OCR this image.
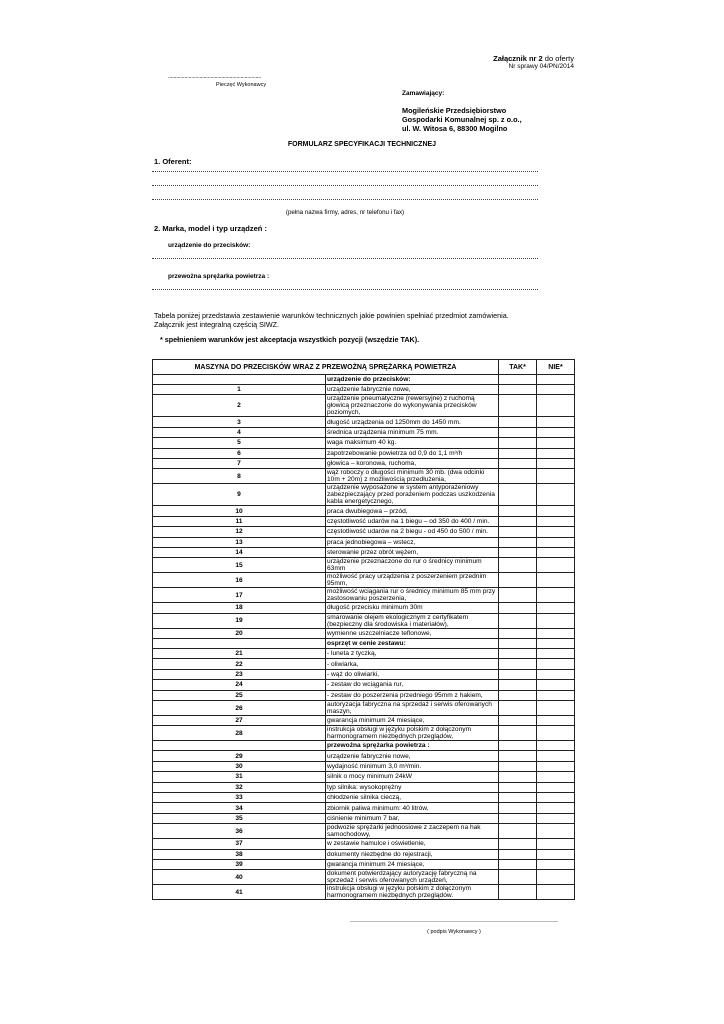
Załącznik nr 2 do oferty
Nr sprawy 04/PN/2014
....................................................................
Pieczęć Wykonawcy
Zamawiający:
Mogileńskie Przedsiębiorstwo
Gospodarki Komunalnej sp. z o.o.,
ul. W. Witosa 6, 88300 Mogilno
FORMULARZ SPECYFIKACJI TECHNICZNEJ
1. Oferent:
(pełna nazwa firmy, adres, nr telefonu i fax)
2. Marka, model i typ urządzeń :
urządzenie do przecisków:
przewożna sprężarka powietrza :
Tabela poniżej przedstawia zestawienie warunków technicznych jakie powinien spełniać przedmiot zamówienia.
Załącznik jest integralną częścią SIWZ.
* spełnieniem warunków jest akceptacja wszystkich pozycji (wszędzie TAK).
MASZYNA DO PRZECISKÓW WRAZ Z PRZEWOŻNĄ SPRĘŻARKĄ POWIETRZA		TAK*	NIE*
	urządzenie do przecisków:		
1	urządzenie fabrycznie nowe,		
2	urządzenie pneumatyczne (rewersyjne) z ruchomą głowicą przeznaczone do wykonywania przecisków poziomych,		
3	długość urządzenia od 1250mm do 1450 mm.		
4	średnica urządzenia minimum 75 mm.		
5	waga maksimum 40 kg.		
6	zapotrzebowanie powietrza od 0,9 do 1,1 m³/h		
7	głowica – koronowa, ruchoma,		
8	wąż roboczy o długości minimum 30 mb. (dwa odcinki 10m + 20m) z możliwością przedłużenia,		
9	urządzenie wyposażone w system antyporażeniowy zabezpieczający przed porażeniem podczas uszkodzenia kabla energetycznego,		
10	praca dwubiegowa – przód,		
11	częstotliwość udarów na 1 biegu – od 350 do 400 / min.		
12	częstotliwość udarów na 2 biegu - od 450 do 500 / min.		
13	praca jednobiegowa – wstecz,		
14	sterowanie przez obrót wężem,		
15	urządzenie przeznaczone do rur o średnicy minimum 63mm		
16	możliwość pracy urządzenia z poszerzeniem przednim 95mm,		
17	możliwość wciągania rur o średnicy minimum 85 mm przy zastosowaniu poszerzenia,		
18	długość przecisku minimum 30m		
19	smarowanie olejem ekologicznym z certyfikatem (bezpieczny dla środowiska i materiałów),		
20	wymienne uszczelniacze teflonowe,		
	osprzęt w cenie zestawu:		
21	- luneta z tyczką,		
22	- oliwiarka,		
23	- wąż do oliwiarki,		
24	- zestaw do wciągania rur,		
25	- zestaw do poszerzenia przedniego 95mm z hakiem,		
26	autoryzacja fabryczna na sprzedaż i serwis oferowanych maszyn,		
27	gwarancja minimum 24 miesiące,		
28	instrukcja obsługi w języku polskim z dołączonym harmonogramem niezbędnych przeglądów,		
	przewożna sprężarka powietrza :		
29	urządzenie fabrycznie nowe,		
30	wydajność minimum 3,0 m³/min.		
31	silnik o mocy minimum 24kW		
32	typ silnika: wysokoprężny		
33	chłodzenie silnika cieczą,		
34	zbiornik paliwa minimum: 40 litrów,		
35	ciśnienie minimum 7 bar,		
36	podwozie sprężarki jednoosiowe z zaczepem na hak samochodowy,		
37	w zestawie hamulce i oświetlenie,		
38	dokumenty niezbędne do rejestracji,		
39	gwarancja minimum 24 miesiące,		
40	dokument potwierdzający autoryzację fabryczną na sprzedaż i serwis oferowanych urządzeń,		
41	instrukcja obsługi w języku polskim z dołączonym harmonogramem niezbędnych przeglądów.		
( podpis Wykonawcy )
